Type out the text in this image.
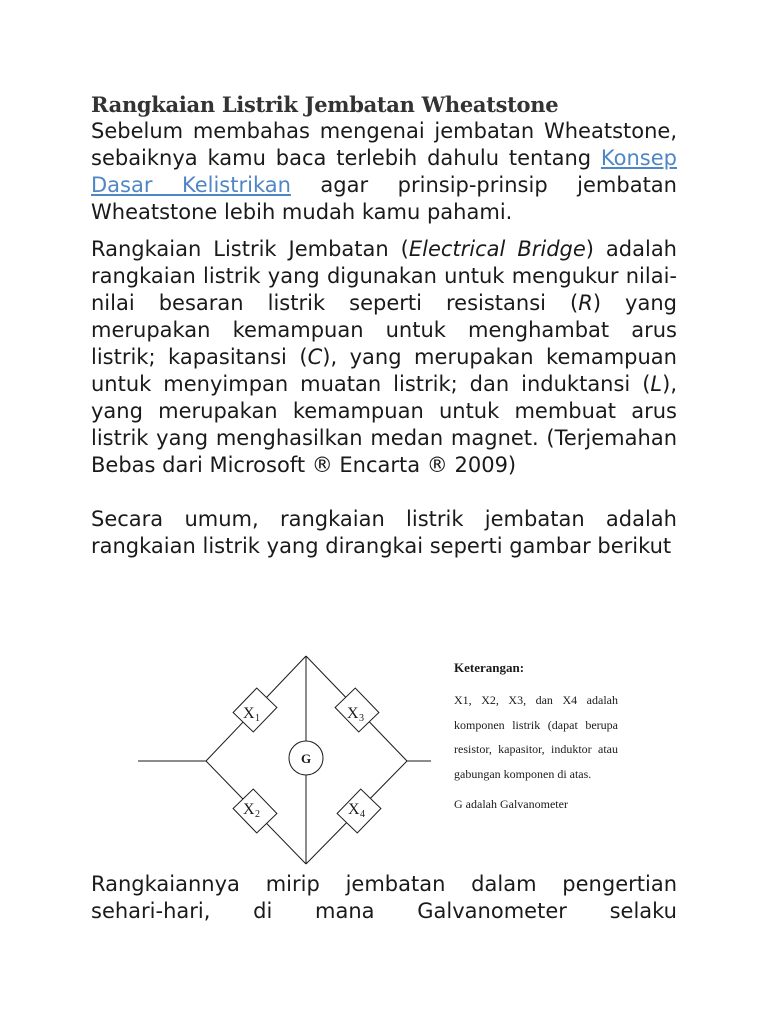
Rangkaian Listrik Jembatan Wheatstone

Sebelum membahas mengenai jembatan Wheatstone, sebaiknya kamu baca terlebih dahulu tentang Konsep Dasar Kelistrikan agar prinsip-prinsip jembatan Wheatstone lebih mudah kamu pahami.

Rangkaian Listrik Jembatan (Electrical Bridge) adalah rangkaian listrik yang digunakan untuk mengukur nilai-nilai besaran listrik seperti resistansi (R) yang merupakan kemampuan untuk menghambat arus listrik; kapasitansi (C), yang merupakan kemampuan untuk menyimpan muatan listrik; dan induktansi (L), yang merupakan kemampuan untuk membuat arus listrik yang menghasilkan medan magnet. (Terjemahan Bebas dari Microsoft ® Encarta ® 2009)

Secara umum, rangkaian listrik jembatan adalah rangkaian listrik yang dirangkai seperti gambar berikut

X 1	X 3
X 2	X 4
G

Keterangan:

X1, X2, X3, dan X4 adalah komponen listrik (dapat berupa resistor, kapasitor, induktor atau gabungan komponen di atas.

G adalah Galvanometer

Rangkaiannya mirip jembatan dalam pengertian sehari-hari, di mana Galvanometer selaku
